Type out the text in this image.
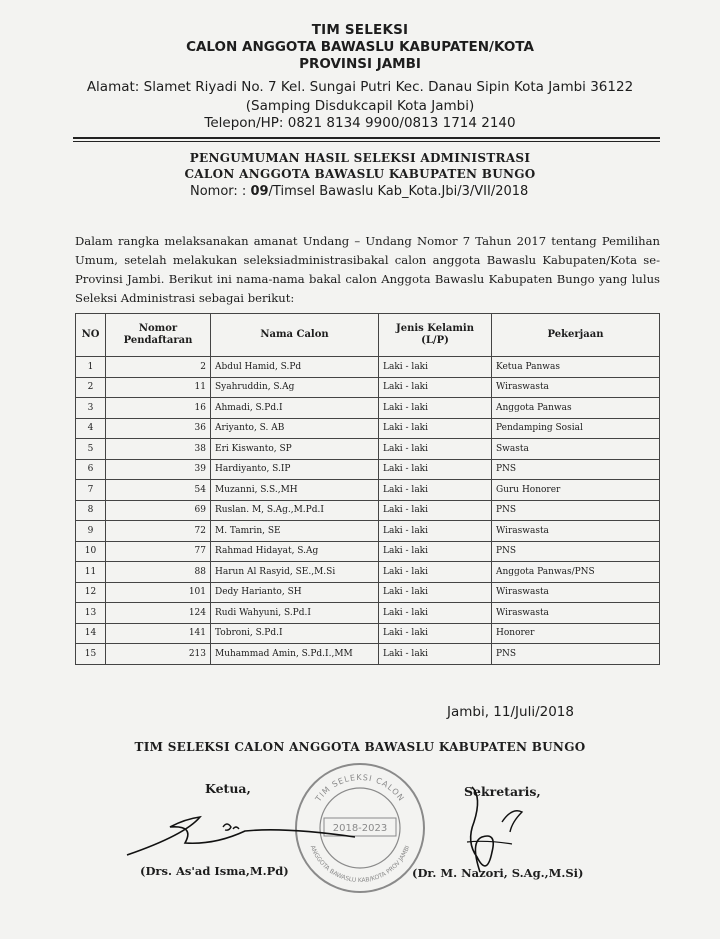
TIM SELEKSI
CALON ANGGOTA BAWASLU KABUPATEN/KOTA
PROVINSI JAMBI
Alamat: Slamet Riyadi No. 7 Kel. Sungai Putri Kec. Danau Sipin Kota Jambi 36122 (Samping Disdukcapil Kota Jambi)
Telepon/HP: 0821 8134 9900/0813 1714 2140
PENGUMUMAN HASIL SELEKSI ADMINISTRASI
CALON ANGGOTA BAWASLU KABUPATEN BUNGO
Nomor: : 09/Timsel Bawaslu Kab_Kota.Jbi/3/VII/2018
Dalam rangka melaksanakan amanat Undang – Undang Nomor 7 Tahun 2017 tentang Pemilihan Umum, setelah melakukan seleksiadministrasibakal calon anggota Bawaslu Kabupaten/Kota se-Provinsi Jambi. Berikut ini nama-nama bakal calon Anggota Bawaslu Kabupaten Bungo yang lulus Seleksi Administrasi sebagai berikut:
NO	Nomor Pendaftaran	Nama Calon	Jenis Kelamin (L/P)	Pekerjaan
1	2	Abdul Hamid, S.Pd	Laki - laki	Ketua Panwas
2	11	Syahruddin, S.Ag	Laki - laki	Wiraswasta
3	16	Ahmadi, S.Pd.I	Laki - laki	Anggota Panwas
4	36	Ariyanto, S. AB	Laki - laki	Pendamping Sosial
5	38	Eri Kiswanto, SP	Laki - laki	Swasta
6	39	Hardiyanto, S.IP	Laki - laki	PNS
7	54	Muzanni, S.S.,MH	Laki - laki	Guru Honorer
8	69	Ruslan. M, S.Ag.,M.Pd.I	Laki - laki	PNS
9	72	M. Tamrin, SE	Laki - laki	Wiraswasta
10	77	Rahmad Hidayat, S.Ag	Laki - laki	PNS
11	88	Harun Al Rasyid, SE.,M.Si	Laki - laki	Anggota Panwas/PNS
12	101	Dedy Harianto, SH	Laki - laki	Wiraswasta
13	124	Rudi Wahyuni, S.Pd.I	Laki - laki	Wiraswasta
14	141	Tobroni, S.Pd.I	Laki - laki	Honorer
15	213	Muhammad Amin, S.Pd.I.,MM	Laki - laki	PNS
Jambi, 11/Juli/2018
TIM SELEKSI CALON ANGGOTA BAWASLU KABUPATEN BUNGO
Ketua,	Sekretaris,
TIM SELEKSI CALON
ANGGOTA BAWASLU KAB/KOTA PROV JAMBI
2018-2023
(Drs. As'ad Isma,M.Pd)	(Dr. M. Nazori, S.Ag.,M.Si)
